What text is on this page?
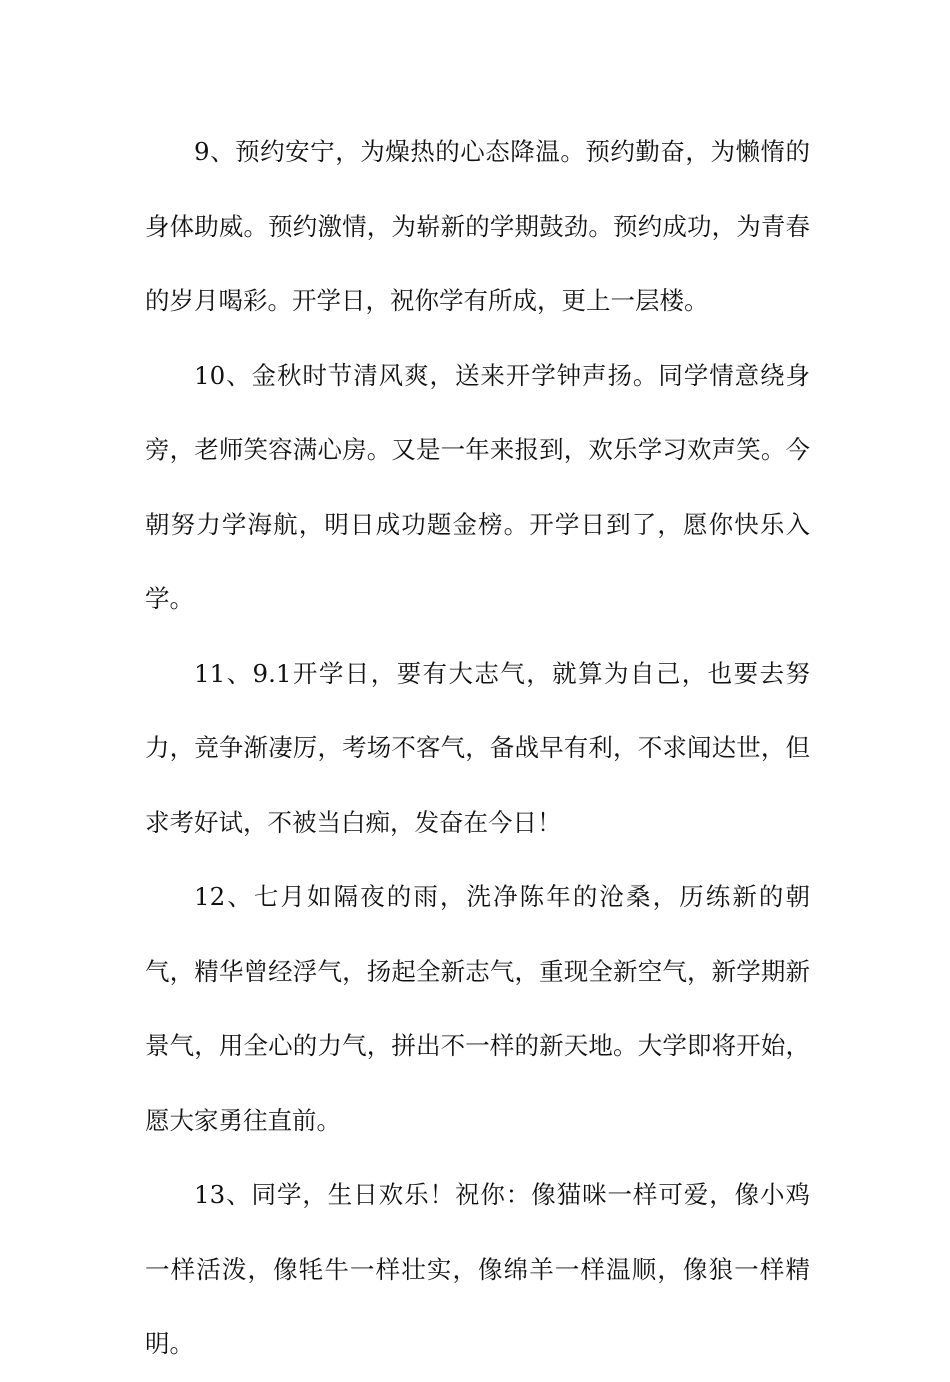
9、预约安宁，为燥热的心态降温。预约勤奋，为懒惰的身体助威。预约激情，为崭新的学期鼓劲。预约成功，为青春的岁月喝彩。开学日，祝你学有所成，更上一层楼。

10、金秋时节清风爽，送来开学钟声扬。同学情意绕身旁，老师笑容满心房。又是一年来报到，欢乐学习欢声笑。今朝努力学海航，明日成功题金榜。开学日到了，愿你快乐入学。

11、9.1开学日，要有大志气，就算为自己，也要去努力，竞争渐凄厉，考场不客气，备战早有利，不求闻达世，但求考好试，不被当白痴，发奋在今日！

12、七月如隔夜的雨，洗净陈年的沧桑，历练新的朝气，精华曾经浮气，扬起全新志气，重现全新空气，新学期新景气，用全心的力气，拼出不一样的新天地。大学即将开始，愿大家勇往直前。

13、同学，生日欢乐！祝你：像猫咪一样可爱，像小鸡一样活泼，像牦牛一样壮实，像绵羊一样温顺，像狼一样精明。
